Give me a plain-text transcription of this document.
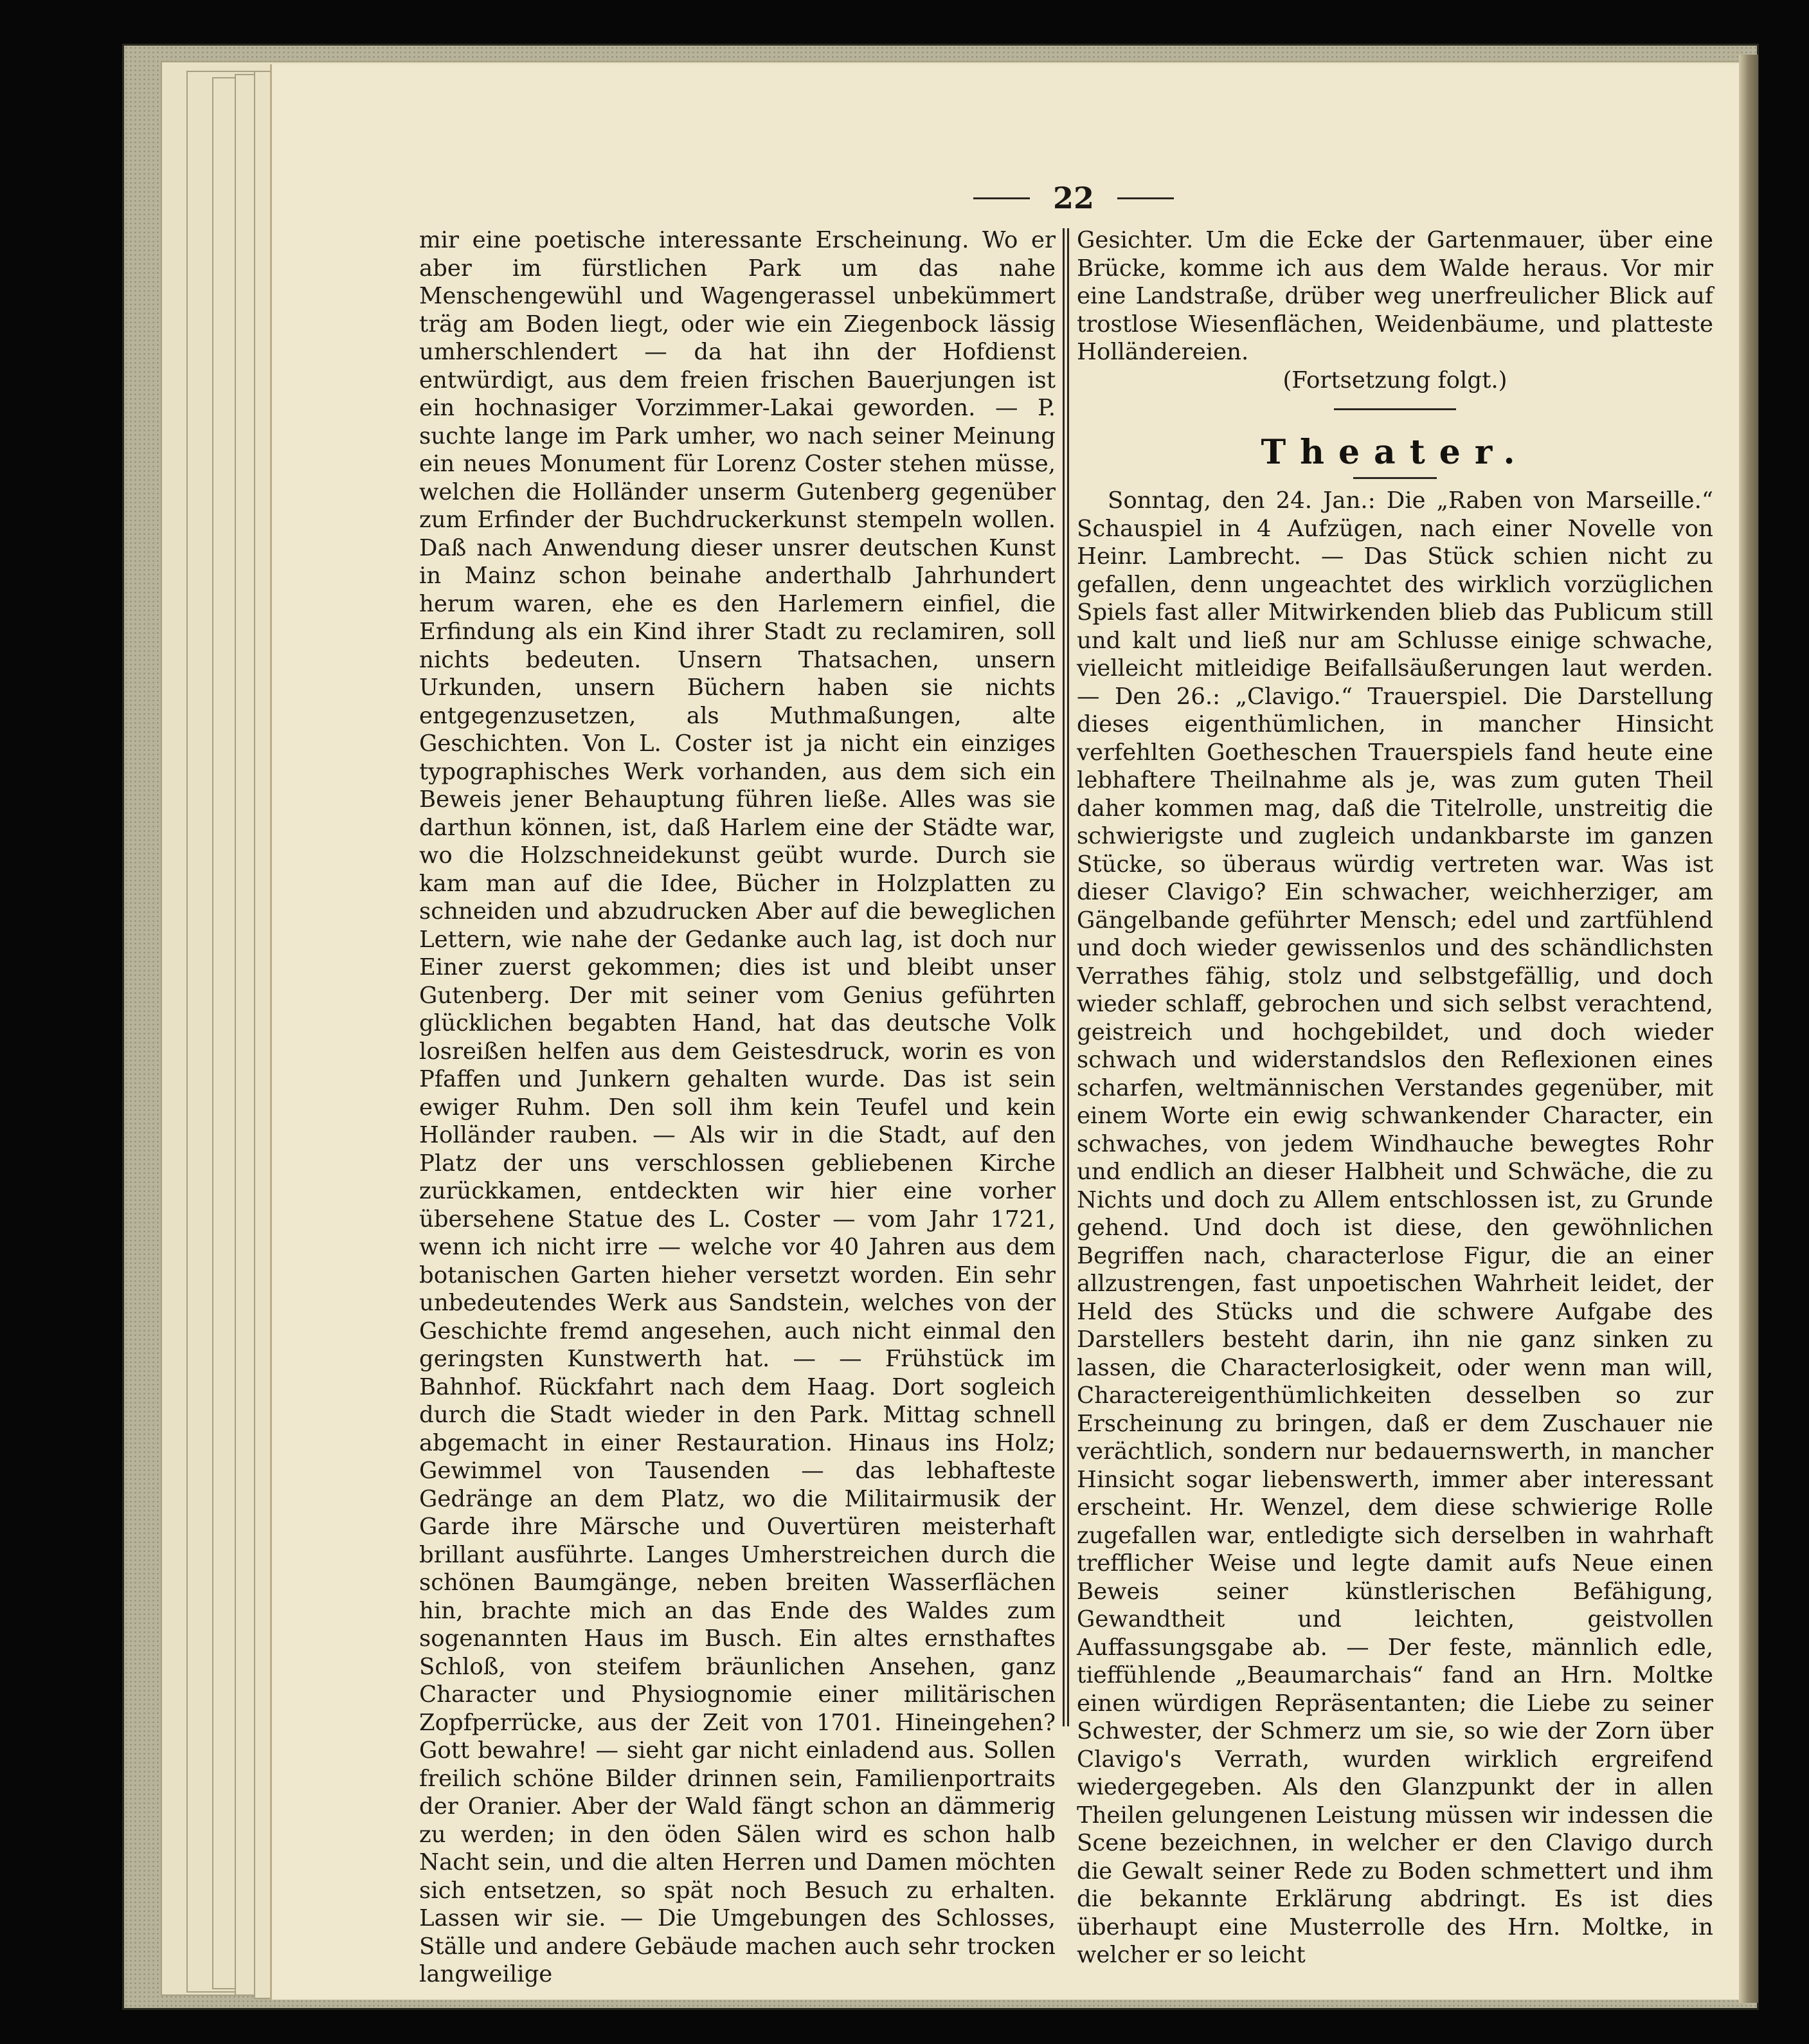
22

mir eine poetische interessante Erscheinung. Wo er aber im fürstlichen Park um das nahe Menschengewühl und Wagengerassel unbekümmert träg am Boden liegt, oder wie ein Ziegenbock lässig umherschlendert — da hat ihn der Hofdienst entwürdigt, aus dem freien frischen Bauerjungen ist ein hochnasiger Vorzimmer-Lakai geworden. — P. suchte lange im Park umher, wo nach seiner Meinung ein neues Monument für Lorenz Coster stehen müsse, welchen die Holländer unserm Gutenberg gegenüber zum Erfinder der Buchdruckerkunst stempeln wollen. Daß nach Anwendung dieser unsrer deutschen Kunst in Mainz schon beinahe anderthalb Jahrhundert herum waren, ehe es den Harlemern einfiel, die Erfindung als ein Kind ihrer Stadt zu reclamiren, soll nichts bedeuten. Unsern Thatsachen, unsern Urkunden, unsern Büchern haben sie nichts entgegenzusetzen, als Muthmaßungen, alte Geschichten. Von L. Coster ist ja nicht ein einziges typographisches Werk vorhanden, aus dem sich ein Beweis jener Behauptung führen ließe. Alles was sie darthun können, ist, daß Harlem eine der Städte war, wo die Holzschneidekunst geübt wurde. Durch sie kam man auf die Idee, Bücher in Holzplatten zu schneiden und abzudrucken Aber auf die beweglichen Lettern, wie nahe der Gedanke auch lag, ist doch nur Einer zuerst gekommen; dies ist und bleibt unser Gutenberg. Der mit seiner vom Genius geführten glücklichen begabten Hand, hat das deutsche Volk losreißen helfen aus dem Geistesdruck, worin es von Pfaffen und Junkern gehalten wurde. Das ist sein ewiger Ruhm. Den soll ihm kein Teufel und kein Holländer rauben. — Als wir in die Stadt, auf den Platz der uns verschlossen gebliebenen Kirche zurückkamen, entdeckten wir hier eine vorher übersehene Statue des L. Coster — vom Jahr 1721, wenn ich nicht irre — welche vor 40 Jahren aus dem botanischen Garten hieher versetzt worden. Ein sehr unbedeutendes Werk aus Sandstein, welches von der Geschichte fremd angesehen, auch nicht einmal den geringsten Kunstwerth hat. — — Frühstück im Bahnhof. Rückfahrt nach dem Haag. Dort sogleich durch die Stadt wieder in den Park. Mittag schnell abgemacht in einer Restauration. Hinaus ins Holz; Gewimmel von Tausenden — das lebhafteste Gedränge an dem Platz, wo die Militairmusik der Garde ihre Märsche und Ouvertüren meisterhaft brillant ausführte. Langes Umherstreichen durch die schönen Baumgänge, neben breiten Wasserflächen hin, brachte mich an das Ende des Waldes zum sogenannten Haus im Busch. Ein altes ernsthaftes Schloß, von steifem bräunlichen Ansehen, ganz Character und Physiognomie einer militärischen Zopfperrücke, aus der Zeit von 1701. Hineingehen? Gott bewahre! — sieht gar nicht einladend aus. Sollen freilich schöne Bilder drinnen sein, Familienportraits der Oranier. Aber der Wald fängt schon an dämmerig zu werden; in den öden Sälen wird es schon halb Nacht sein, und die alten Herren und Damen möchten sich entsetzen, so spät noch Besuch zu erhalten. Lassen wir sie. — Die Umgebungen des Schlosses, Ställe und andere Gebäude machen auch sehr trocken langweilige

Gesichter. Um die Ecke der Gartenmauer, über eine Brücke, komme ich aus dem Walde heraus. Vor mir eine Landstraße, drüber weg unerfreulicher Blick auf trostlose Wiesenflächen, Weidenbäume, und platteste Holländereien.

(Fortsetzung folgt.)

Theater.

Sonntag, den 24. Jan.: Die „Raben von Marseille.“ Schauspiel in 4 Aufzügen, nach einer Novelle von Heinr. Lambrecht. — Das Stück schien nicht zu gefallen, denn ungeachtet des wirklich vorzüglichen Spiels fast aller Mitwirkenden blieb das Publicum still und kalt und ließ nur am Schlusse einige schwache, vielleicht mitleidige Beifallsäußerungen laut werden. — Den 26.: „Clavigo.“ Trauerspiel. Die Darstellung dieses eigenthümlichen, in mancher Hinsicht verfehlten Goetheschen Trauerspiels fand heute eine lebhaftere Theilnahme als je, was zum guten Theil daher kommen mag, daß die Titelrolle, unstreitig die schwierigste und zugleich undankbarste im ganzen Stücke, so überaus würdig vertreten war. Was ist dieser Clavigo? Ein schwacher, weichherziger, am Gängelbande geführter Mensch; edel und zartfühlend und doch wieder gewissenlos und des schändlichsten Verrathes fähig, stolz und selbstgefällig, und doch wieder schlaff, gebrochen und sich selbst verachtend, geistreich und hochgebildet, und doch wieder schwach und widerstandslos den Reflexionen eines scharfen, weltmännischen Verstandes gegenüber, mit einem Worte ein ewig schwankender Character, ein schwaches, von jedem Windhauche bewegtes Rohr und endlich an dieser Halbheit und Schwäche, die zu Nichts und doch zu Allem entschlossen ist, zu Grunde gehend. Und doch ist diese, den gewöhnlichen Begriffen nach, characterlose Figur, die an einer allzustrengen, fast unpoetischen Wahrheit leidet, der Held des Stücks und die schwere Aufgabe des Darstellers besteht darin, ihn nie ganz sinken zu lassen, die Characterlosigkeit, oder wenn man will, Charactereigenthümlichkeiten desselben so zur Erscheinung zu bringen, daß er dem Zuschauer nie verächtlich, sondern nur bedauernswerth, in mancher Hinsicht sogar liebenswerth, immer aber interessant erscheint. Hr. Wenzel, dem diese schwierige Rolle zugefallen war, entledigte sich derselben in wahrhaft trefflicher Weise und legte damit aufs Neue einen Beweis seiner künstlerischen Befähigung, Gewandtheit und leichten, geistvollen Auffassungsgabe ab. — Der feste, männlich edle, tieffühlende „Beaumarchais“ fand an Hrn. Moltke einen würdigen Repräsentanten; die Liebe zu seiner Schwester, der Schmerz um sie, so wie der Zorn über Clavigo's Verrath, wurden wirklich ergreifend wiedergegeben. Als den Glanzpunkt der in allen Theilen gelungenen Leistung müssen wir indessen die Scene bezeichnen, in welcher er den Clavigo durch die Gewalt seiner Rede zu Boden schmettert und ihm die bekannte Erklärung abdringt. Es ist dies überhaupt eine Musterrolle des Hrn. Moltke, in welcher er so leicht
